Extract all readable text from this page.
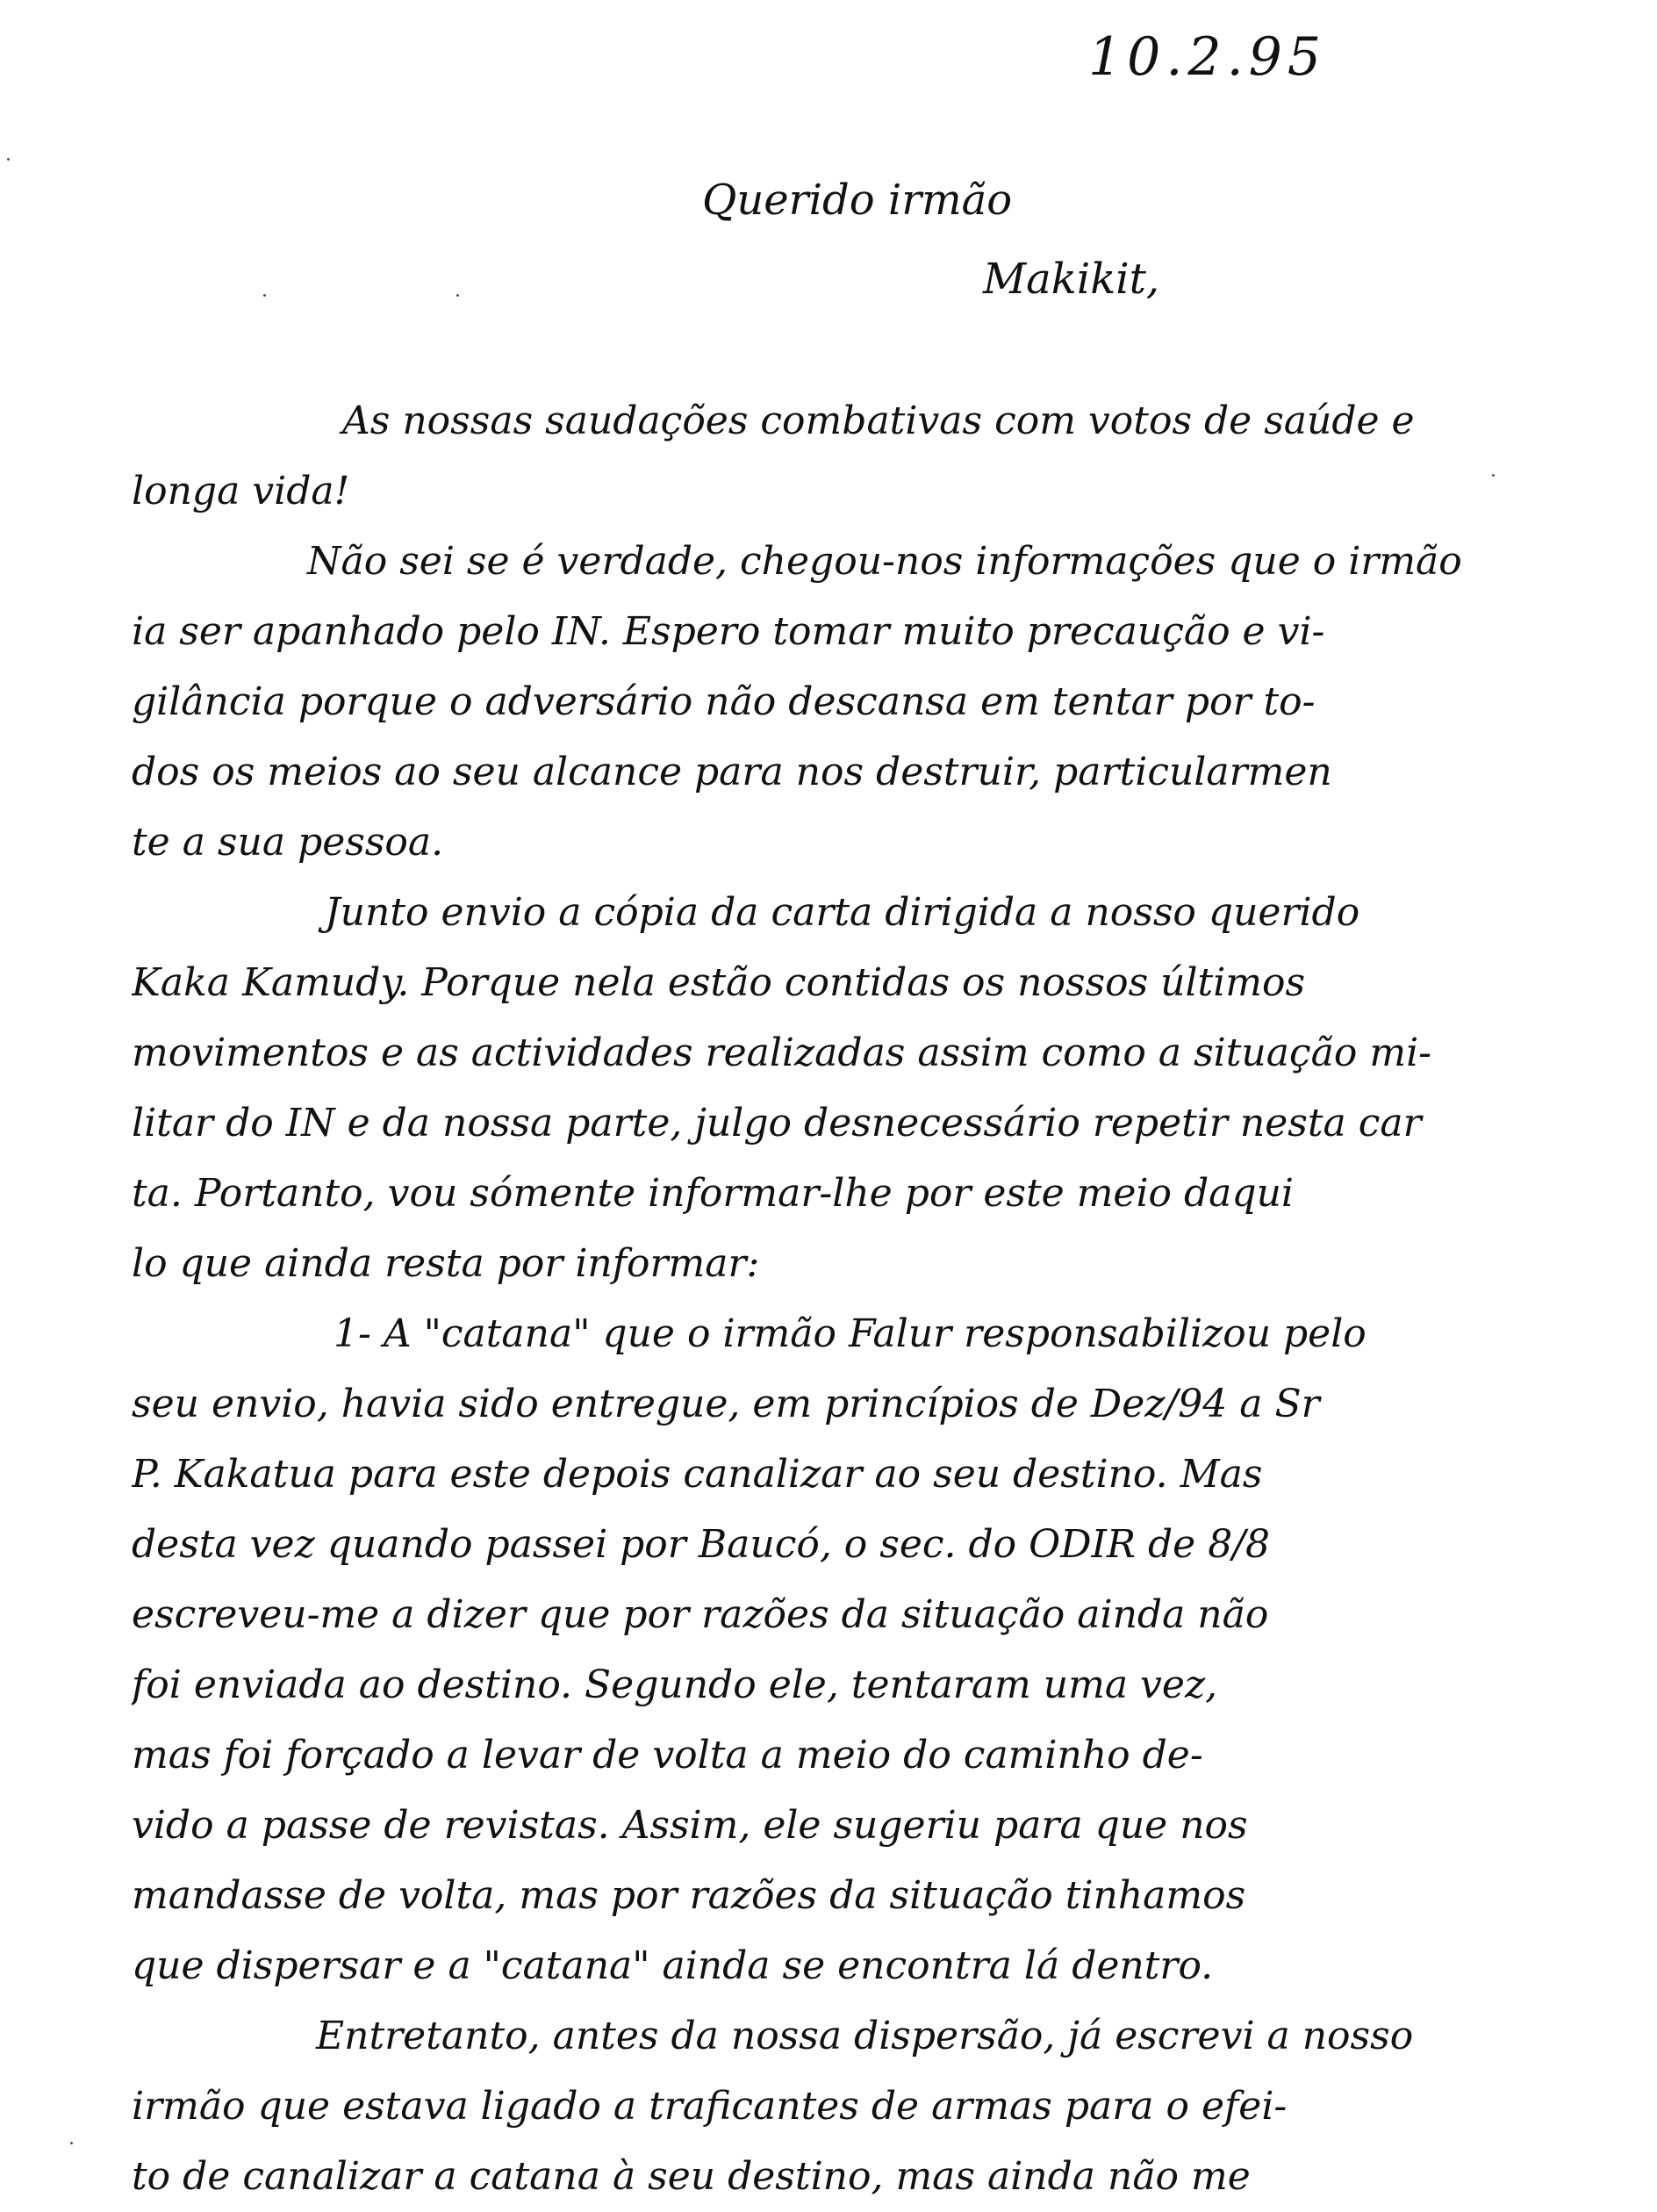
10.2.95
Querido irmão
Makikit,
As nossas saudações combativas com votos de saúde e
longa vida!
Não sei se é verdade, chegou-nos informações que o irmão
ia ser apanhado pelo IN. Espero tomar muito precaução e vi-
gilância porque o adversário não descansa em tentar por to-
dos os meios ao seu alcance para nos destruir, particularmen
te a sua pessoa.
Junto envio a cópia da carta dirigida a nosso querido
Kaka Kamudy. Porque nela estão contidas os nossos últimos
movimentos e as actividades realizadas assim como a situação mi-
litar do IN e da nossa parte, julgo desnecessário repetir nesta car
ta. Portanto, vou sómente informar-lhe por este meio daqui
lo que ainda resta por informar:
1- A "catana" que o irmão Falur responsabilizou pelo
seu envio, havia sido entregue, em princípios de Dez/94 a Sr
P. Kakatua para este depois canalizar ao seu destino. Mas
desta vez quando passei por Baucó, o sec. do ODIR de 8/8
escreveu-me a dizer que por razões da situação ainda não
foi enviada ao destino. Segundo ele, tentaram uma vez,
mas foi forçado a levar de volta a meio do caminho de-
vido a passe de revistas. Assim, ele sugeriu para que nos
mandasse de volta, mas por razões da situação tinhamos
que dispersar e a "catana" ainda se encontra lá dentro.
Entretanto, antes da nossa dispersão, já escrevi a nosso
irmão que estava ligado a traficantes de armas para o efei-
to de canalizar a catana à seu destino, mas ainda não me
